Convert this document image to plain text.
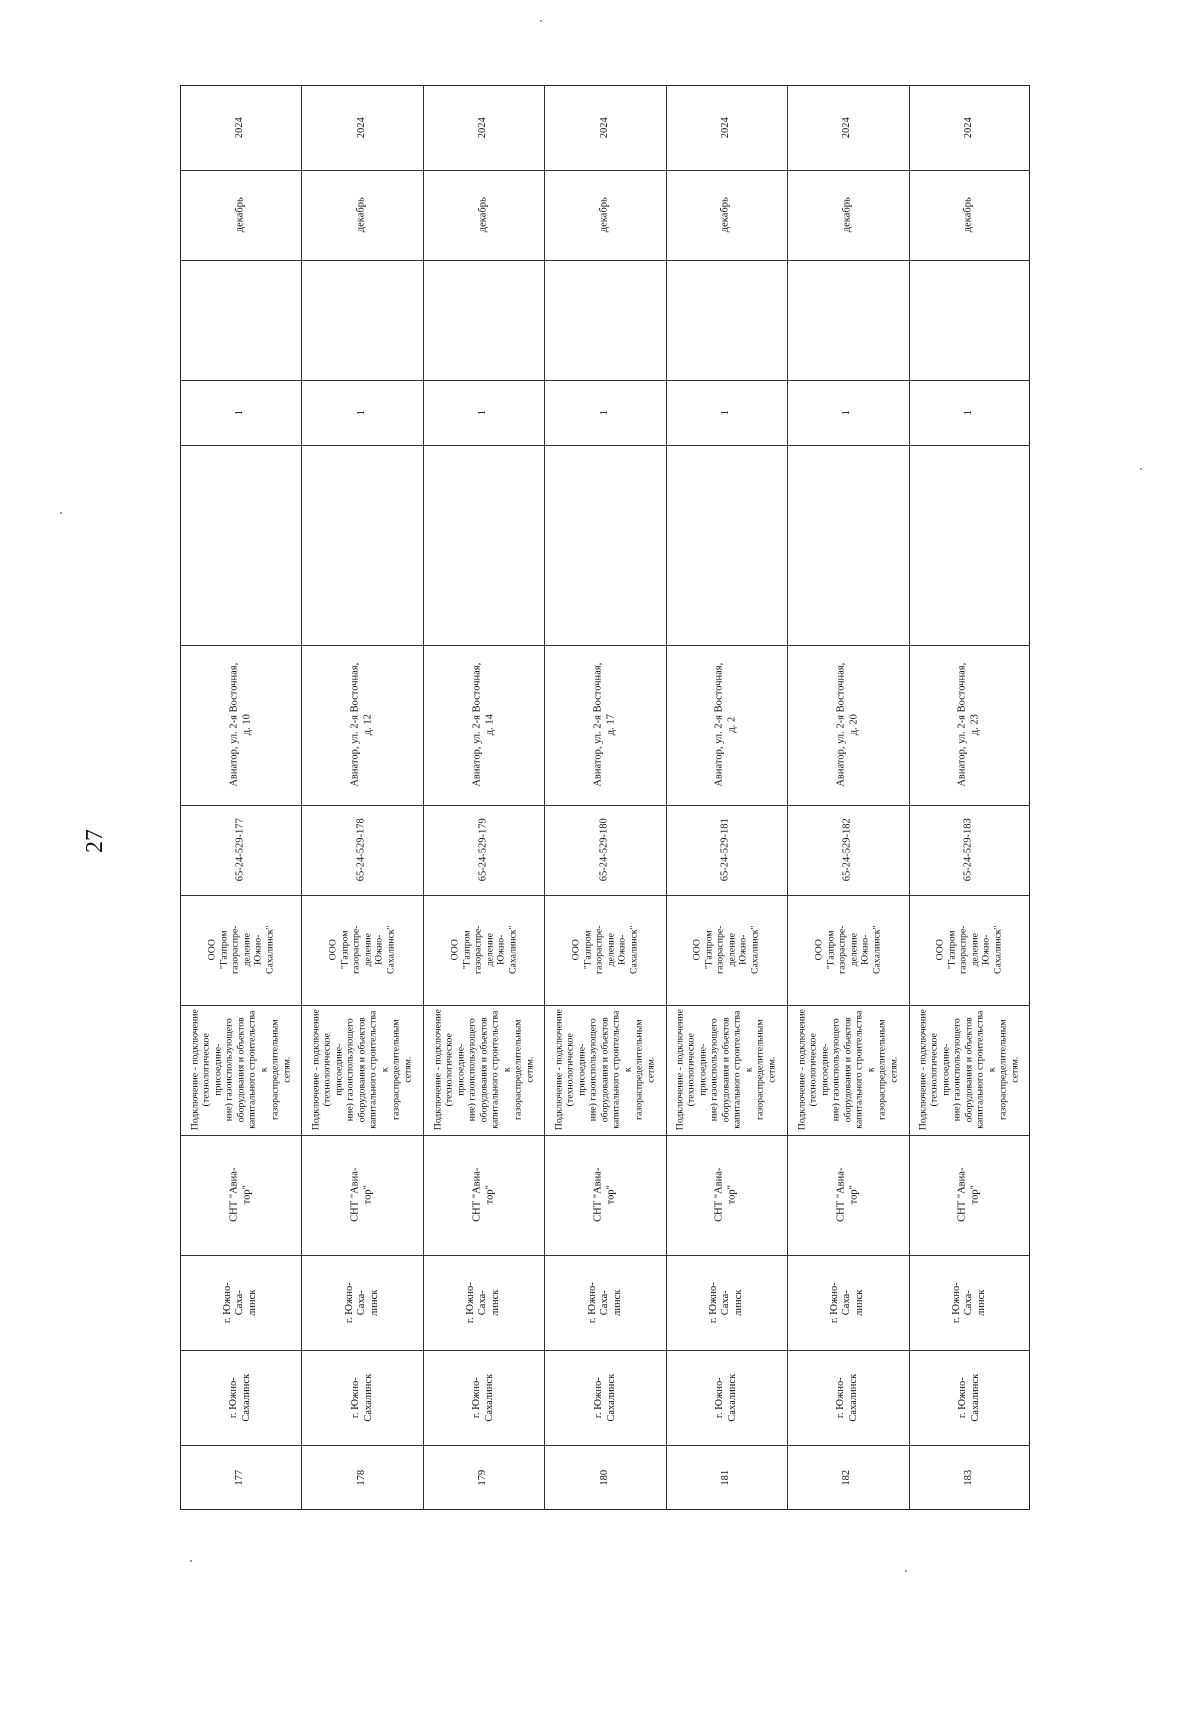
27
2024
декабрь
1
Авиатор, ул. 2-я Восточная,
д. 10
65-24-529-177
ООО
"Газпром
газораспре-
деление
Южно-
Сахалинск"
Подключение - подключение
(технологическое присоедине-
ние) газоиспользующего
оборудования и объектов
капитального строительства к
газораспределительным сетям.
СНТ "Авиа-
тор"
г. Южно-
Саха-
линск
г. Южно-
Сахалинск
177
2024
декабрь
1
Авиатор, ул. 2-я Восточная,
д. 12
65-24-529-178
ООО
"Газпром
газораспре-
деление
Южно-
Сахалинск"
Подключение - подключение
(технологическое присоедине-
ние) газоиспользующего
оборудования и объектов
капитального строительства к
газораспределительным сетям.
СНТ "Авиа-
тор"
г. Южно-
Саха-
линск
г. Южно-
Сахалинск
178
2024
декабрь
1
Авиатор, ул. 2-я Восточная,
д. 14
65-24-529-179
ООО
"Газпром
газораспре-
деление
Южно-
Сахалинск"
Подключение - подключение
(технологическое присоедине-
ние) газоиспользующего
оборудования и объектов
капитального строительства к
газораспределительным сетям.
СНТ "Авиа-
тор"
г. Южно-
Саха-
линск
г. Южно-
Сахалинск
179
2024
декабрь
1
Авиатор, ул. 2-я Восточная,
д. 17
65-24-529-180
ООО
"Газпром
газораспре-
деление
Южно-
Сахалинск"
Подключение - подключение
(технологическое присоедине-
ние) газоиспользующего
оборудования и объектов
капитального строительства к
газораспределительным сетям.
СНТ "Авиа-
тор"
г. Южно-
Саха-
линск
г. Южно-
Сахалинск
180
2024
декабрь
1
Авиатор, ул. 2-я Восточная,
д. 2
65-24-529-181
ООО
"Газпром
газораспре-
деление
Южно-
Сахалинск"
Подключение - подключение
(технологическое присоедине-
ние) газоиспользующего
оборудования и объектов
капитального строительства к
газораспределительным сетям.
СНТ "Авиа-
тор"
г. Южно-
Саха-
линск
г. Южно-
Сахалинск
181
2024
декабрь
1
Авиатор, ул. 2-я Восточная,
д. 20
65-24-529-182
ООО
"Газпром
газораспре-
деление
Южно-
Сахалинск"
Подключение - подключение
(технологическое присоедине-
ние) газоиспользующего
оборудования и объектов
капитального строительства к
газораспределительным сетям.
СНТ "Авиа-
тор"
г. Южно-
Саха-
линск
г. Южно-
Сахалинск
182
2024
декабрь
1
Авиатор, ул. 2-я Восточная,
д. 23
65-24-529-183
ООО
"Газпром
газораспре-
деление
Южно-
Сахалинск"
Подключение - подключение
(технологическое присоедине-
ние) газоиспользующего
оборудования и объектов
капитального строительства к
газораспределительным сетям.
СНТ "Авиа-
тор"
г. Южно-
Саха-
линск
г. Южно-
Сахалинск
183
